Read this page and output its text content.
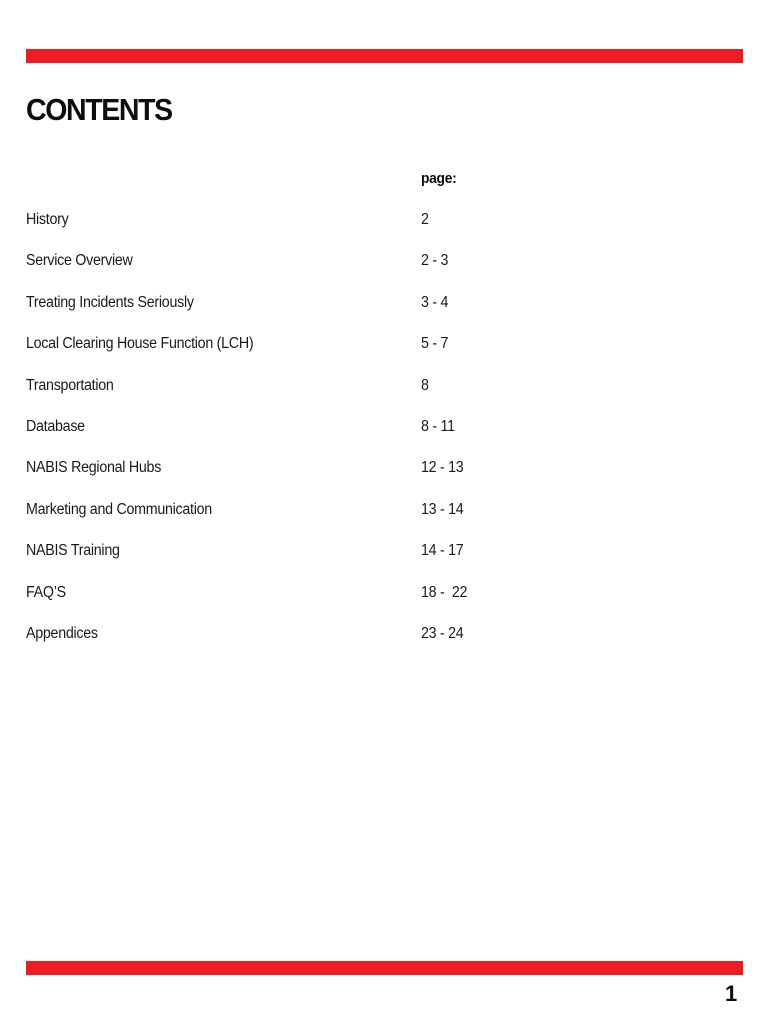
CONTENTS
page:
History	2
Service Overview	2 - 3
Treating Incidents Seriously	3 - 4
Local Clearing House Function (LCH)	5 - 7
Transportation	8
Database	8 - 11
NABIS Regional Hubs	12 - 13
Marketing and Communication	13 - 14
NABIS Training	14 - 17
FAQ’S	18 -  22
Appendices	23 - 24
1
